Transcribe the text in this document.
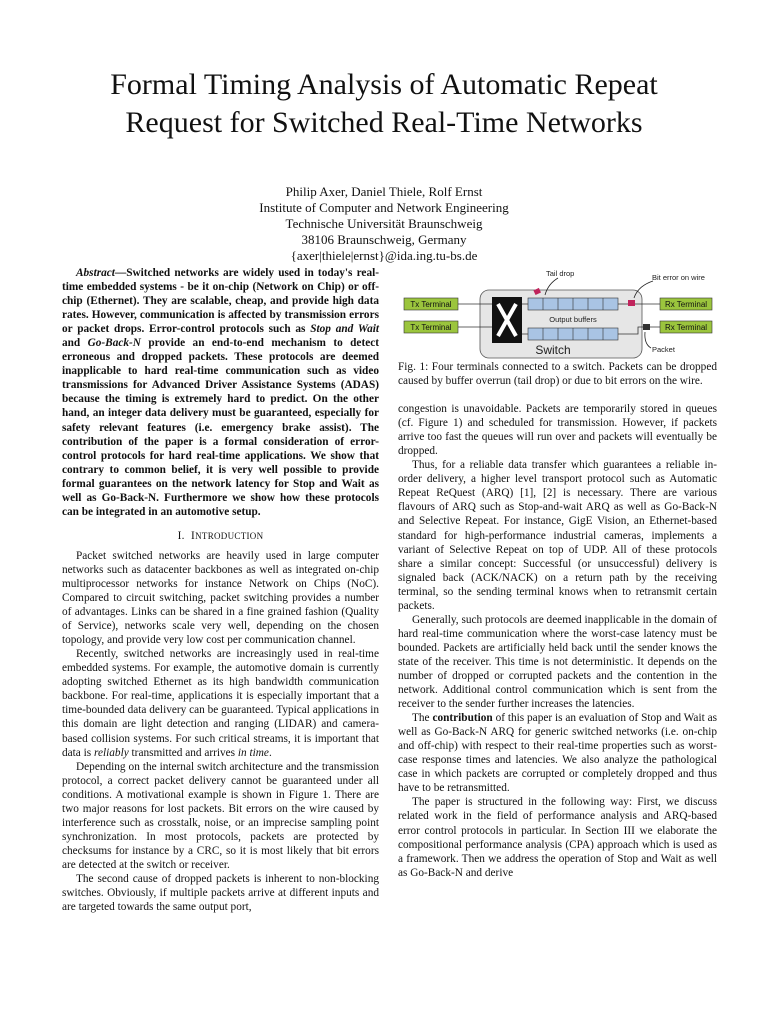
Formal Timing Analysis of Automatic Repeat
Request for Switched Real-Time Networks
Philip Axer, Daniel Thiele, Rolf Ernst
Institute of Computer and Network Engineering
Technische Universität Braunschweig
38106 Braunschweig, Germany
{axer|thiele|ernst}@ida.ing.tu-bs.de

Abstract—Switched networks are widely used in today's real-time embedded systems - be it on-chip (Network on Chip) or off-chip (Ethernet). They are scalable, cheap, and provide high data rates. However, communication is affected by transmission errors or packet drops. Error-control protocols such as Stop and Wait and Go-Back-N provide an end-to-end mechanism to detect erroneous and dropped packets. These protocols are deemed inapplicable to hard real-time communication such as video transmissions for Advanced Driver Assistance Systems (ADAS) because the timing is extremely hard to predict. On the other hand, an integer data delivery must be guaranteed, especially for safety relevant features (i.e. emergency brake assist). The contribution of the paper is a formal consideration of error-control protocols for hard real-time applications. We show that contrary to common belief, it is very well possible to provide formal guarantees on the network latency for Stop and Wait as well as Go-Back-N. Furthermore we show how these protocols can be integrated in an automotive setup.

I. INTRODUCTION

Packet switched networks are heavily used in large computer networks such as datacenter backbones as well as integrated on-chip multiprocessor networks for instance Network on Chips (NoC). Compared to circuit switching, packet switching provides a number of advantages. Links can be shared in a fine grained fashion (Quality of Service), networks scale very well, depending on the chosen topology, and provide very low cost per communication channel.

Recently, switched networks are increasingly used in real-time embedded systems. For example, the automotive domain is currently adopting switched Ethernet as its high bandwidth communication backbone. For real-time, applications it is especially important that a time-bounded data delivery can be guaranteed. Typical applications in this domain are light detection and ranging (LIDAR) and camera-based collision systems. For such critical streams, it is important that data is reliably transmitted and arrives in time.

Depending on the internal switch architecture and the transmission protocol, a correct packet delivery cannot be guaranteed under all conditions. A motivational example is shown in Figure 1. There are two major reasons for lost packets. Bit errors on the wire caused by interference such as crosstalk, noise, or an imprecise sampling point synchronization. In most protocols, packets are protected by checksums for instance by a CRC, so it is most likely that bit errors are detected at the switch or receiver.

The second cause of dropped packets is inherent to non-blocking switches. Obviously, if multiple packets arrive at different inputs and are targeted towards the same output port,

Output buffers
Switch
Tx Terminal
Tx Terminal
Rx Terminal
Rx Terminal
Tail drop	Bit error on wire
Packet

Fig. 1: Four terminals connected to a switch. Packets can be dropped caused by buffer overrun (tail drop) or due to bit errors on the wire.

congestion is unavoidable. Packets are temporarily stored in queues (cf. Figure 1) and scheduled for transmission. However, if packets arrive too fast the queues will run over and packets will eventually be dropped.

Thus, for a reliable data transfer which guarantees a reliable in-order delivery, a higher level transport protocol such as Automatic Repeat ReQuest (ARQ) [1], [2] is necessary. There are various flavours of ARQ such as Stop-and-wait ARQ as well as Go-Back-N and Selective Repeat. For instance, GigE Vision, an Ethernet-based standard for high-performance industrial cameras, implements a variant of Selective Repeat on top of UDP. All of these protocols share a similar concept: Successful (or unsuccessful) delivery is signaled back (ACK/NACK) on a return path by the receiving terminal, so the sending terminal knows when to retransmit certain packets.

Generally, such protocols are deemed inapplicable in the domain of hard real-time communication where the worst-case latency must be bounded. Packets are artificially held back until the sender knows the state of the receiver. This time is not deterministic. It depends on the number of dropped or corrupted packets and the contention in the network. Additional control communication which is sent from the receiver to the sender further increases the latencies.

The contribution of this paper is an evaluation of Stop and Wait as well as Go-Back-N ARQ for generic switched networks (i.e. on-chip and off-chip) with respect to their real-time properties such as worst-case response times and latencies. We also analyze the pathological case in which packets are corrupted or completely dropped and thus have to be retransmitted.

The paper is structured in the following way: First, we discuss related work in the field of performance analysis and ARQ-based error control protocols in particular. In Section III we elaborate the compositional performance analysis (CPA) approach which is used as a framework. Then we address the operation of Stop and Wait as well as Go-Back-N and derive
